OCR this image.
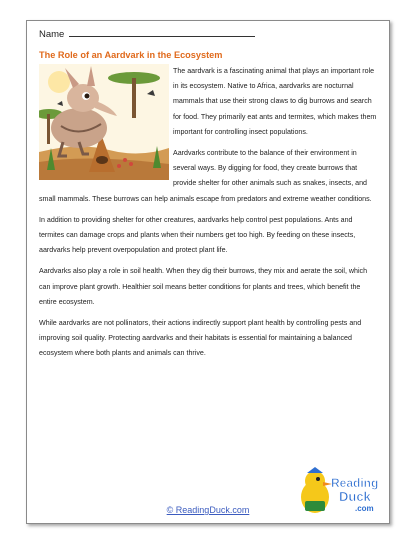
Name
The Role of an Aardvark in the Ecosystem

The aardvark is a fascinating animal that plays an important role in its ecosystem. Native to Africa, aardvarks are nocturnal mammals that use their strong claws to dig burrows and search for food. They primarily eat ants and termites, which makes them important for controlling insect populations.

Aardvarks contribute to the balance of their environment in several ways. By digging for food, they create burrows that provide shelter for other animals such as snakes, insects, and small mammals. These burrows can help animals escape from predators and extreme weather conditions.

In addition to providing shelter for other creatures, aardvarks help control pest populations. Ants and termites can damage crops and plants when their numbers get too high. By feeding on these insects, aardvarks help prevent overpopulation and protect plant life.

Aardvarks also play a role in soil health. When they dig their burrows, they mix and aerate the soil, which can improve plant growth. Healthier soil means better conditions for plants and trees, which benefit the entire ecosystem.

While aardvarks are not pollinators, their actions indirectly support plant health by controlling pests and improving soil quality. Protecting aardvarks and their habitats is essential for maintaining a balanced ecosystem where both plants and animals can thrive.

Reading
Duck
.com
© ReadingDuck.com
